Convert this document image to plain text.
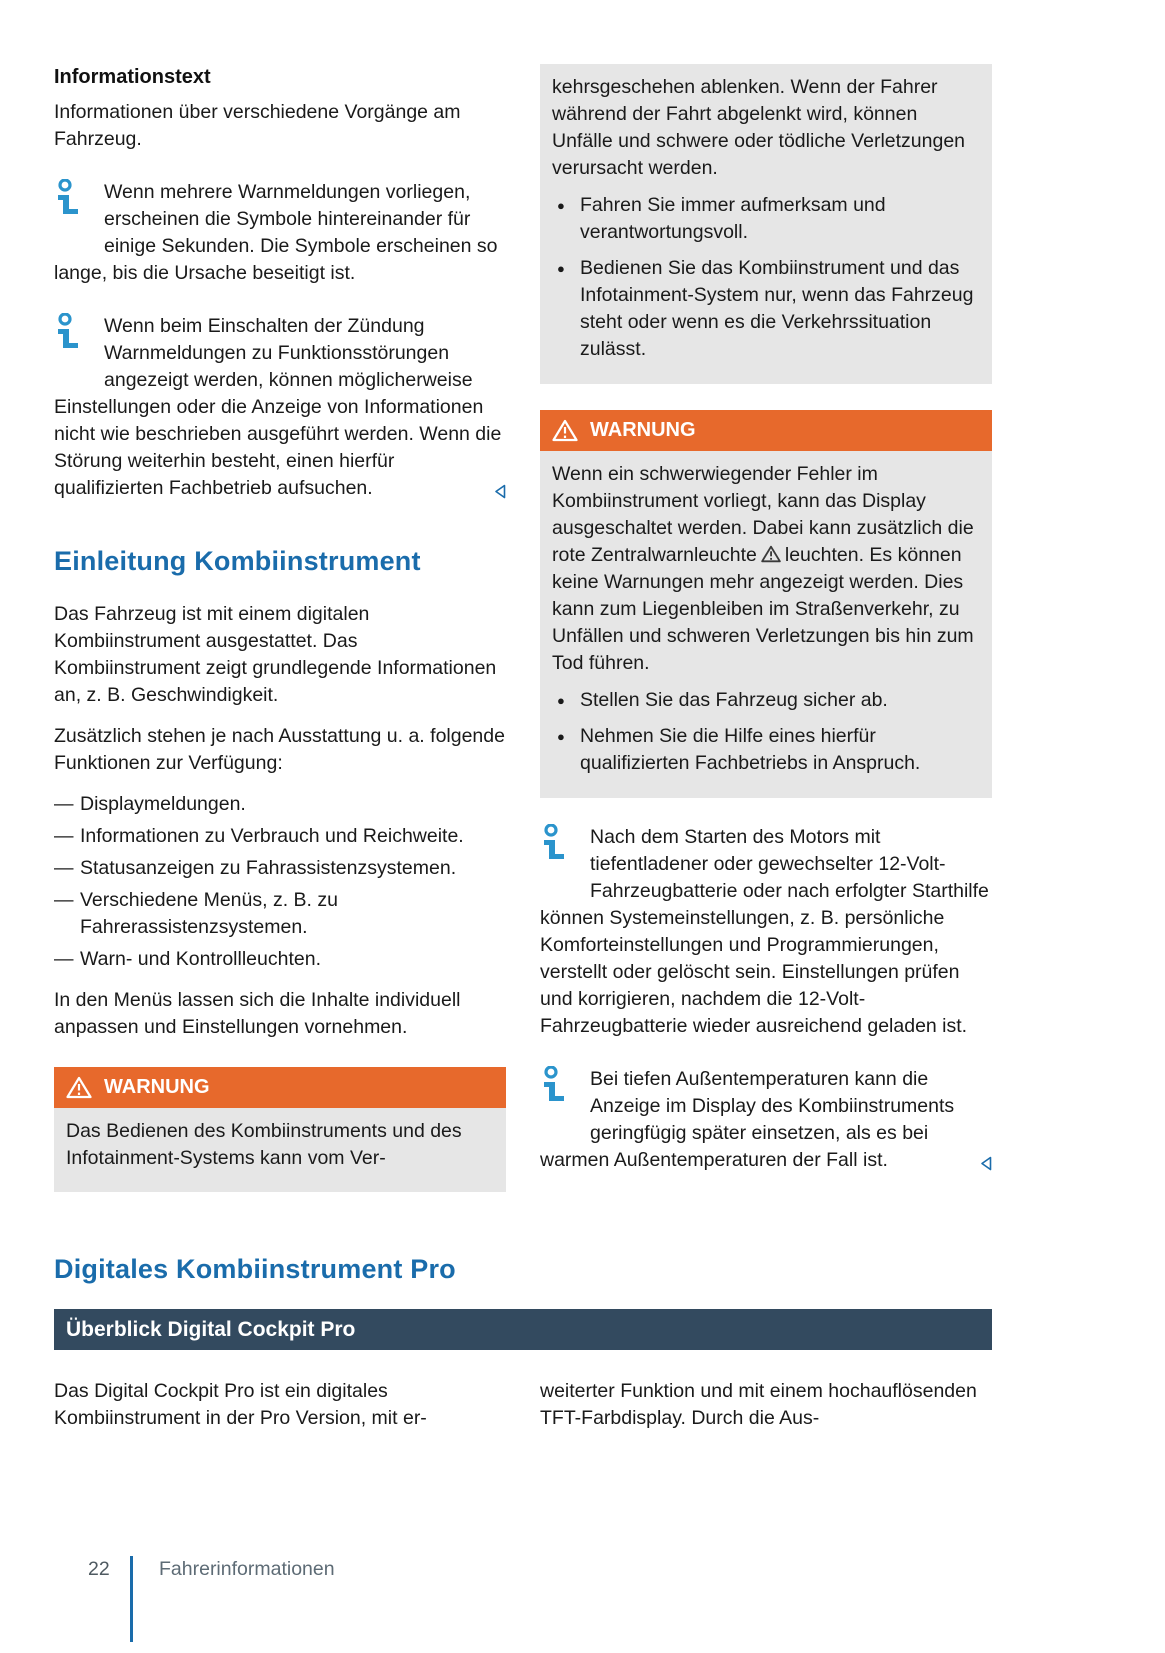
Informationstext

Informationen über verschiedene Vorgänge am Fahrzeug.

Wenn mehrere Warnmeldungen vorliegen, erscheinen die Symbole hintereinander für einige Sekunden. Die Symbole erscheinen so lange, bis die Ursache beseitigt ist.
Wenn beim Einschalten der Zündung Warnmeldungen zu Funktionsstörungen angezeigt werden, können möglicherweise Einstellungen oder die Anzeige von Informationen nicht wie beschrieben ausgeführt werden. Wenn die Störung weiterhin besteht, einen hierfür qualifizierten Fachbetrieb aufsuchen.
Einleitung Kombiinstrument

Das Fahrzeug ist mit einem digitalen Kombiinstrument ausgestattet. Das Kombiinstrument zeigt grundlegende Informationen an, z. B. Geschwindigkeit.

Zusätzlich stehen je nach Ausstattung u. a. folgende Funktionen zur Verfügung:

— Displaymeldungen.
— Informationen zu Verbrauch und Reichweite.
— Statusanzeigen zu Fahrassistenzsystemen.
— Verschiedene Menüs, z. B. zu Fahrerassistenzsystemen.
— Warn- und Kontrollleuchten.

In den Menüs lassen sich die Inhalte individuell anpassen und Einstellungen vornehmen.

WARNUNG

Das Bedienen des Kombiinstruments und des Infotainment-Systems kann vom Ver-

kehrsgeschehen ablenken. Wenn der Fahrer während der Fahrt abgelenkt wird, können Unfälle und schwere oder tödliche Verletzungen verursacht werden.

● Fahren Sie immer aufmerksam und verantwortungsvoll.
● Bedienen Sie das Kombiinstrument und das Infotainment-System nur, wenn das Fahrzeug steht oder wenn es die Verkehrssituation zulässt.
WARNUNG

Wenn ein schwerwiegender Fehler im Kombiinstrument vorliegt, kann das Display ausgeschaltet werden. Dabei kann zusätzlich die rote Zentralwarnleuchte leuchten. Es können keine Warnungen mehr angezeigt werden. Dies kann zum Liegenbleiben im Straßenverkehr, zu Unfällen und schweren Verletzungen bis hin zum Tod führen.

● Stellen Sie das Fahrzeug sicher ab.
● Nehmen Sie die Hilfe eines hierfür qualifizierten Fachbetriebs in Anspruch.
Nach dem Starten des Motors mit tiefentladener oder gewechselter 12-Volt-Fahrzeugbatterie oder nach erfolgter Starthilfe können Systemeinstellungen, z. B. persönliche Komforteinstellungen und Programmierungen, verstellt oder gelöscht sein. Einstellungen prüfen und korrigieren, nachdem die 12-Volt-Fahrzeugbatterie wieder ausreichend geladen ist.
Bei tiefen Außentemperaturen kann die Anzeige im Display des Kombiinstruments geringfügig später einsetzen, als es bei warmen Außentemperaturen der Fall ist.
Digitales Kombiinstrument Pro
Überblick Digital Cockpit Pro

Das Digital Cockpit Pro ist ein digitales Kombiinstrument in der Pro Version, mit er-

weiterter Funktion und mit einem hochauflösenden TFT-Farbdisplay. Durch die Aus-

22	Fahrerinformationen
